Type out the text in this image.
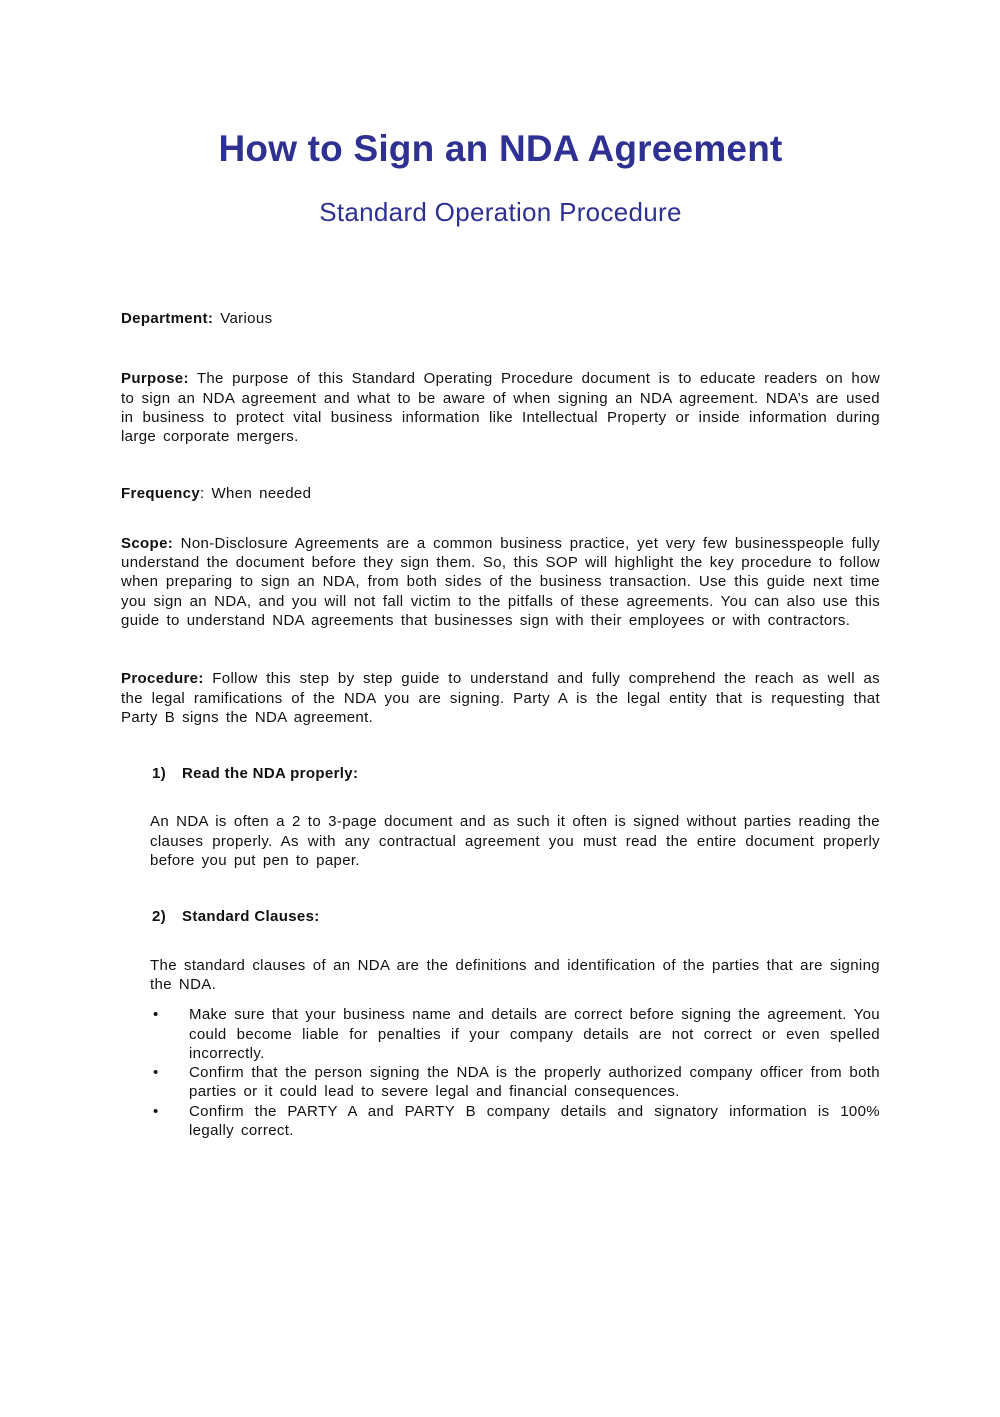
How to Sign an NDA Agreement
Standard Operation Procedure

Department: Various

Purpose: The purpose of this Standard Operating Procedure document is to educate readers on how to sign an NDA agreement and what to be aware of when signing an NDA agreement. NDA’s are used in business to protect vital business information like Intellectual Property or inside information during large corporate mergers.

Frequency: When needed

Scope: Non-Disclosure Agreements are a common business practice, yet very few businesspeople fully understand the document before they sign them. So, this SOP will highlight the key procedure to follow when preparing to sign an NDA, from both sides of the business transaction. Use this guide next time you sign an NDA, and you will not fall victim to the pitfalls of these agreements. You can also use this guide to understand NDA agreements that businesses sign with their employees or with contractors.

Procedure: Follow this step by step guide to understand and fully comprehend the reach as well as the legal ramifications of the NDA you are signing. Party A is the legal entity that is requesting that Party B signs the NDA agreement.

1) Read the NDA properly:

An NDA is often a 2 to 3-page document and as such it often is signed without parties reading the clauses properly. As with any contractual agreement you must read the entire document properly before you put pen to paper.

2) Standard Clauses:

The standard clauses of an NDA are the definitions and identification of the parties that are signing the NDA.

• Make sure that your business name and details are correct before signing the agreement. You could become liable for penalties if your company details are not correct or even spelled incorrectly.
• Confirm that the person signing the NDA is the properly authorized company officer from both parties or it could lead to severe legal and financial consequences.
• Confirm the PARTY A and PARTY B company details and signatory information is 100% legally correct.
